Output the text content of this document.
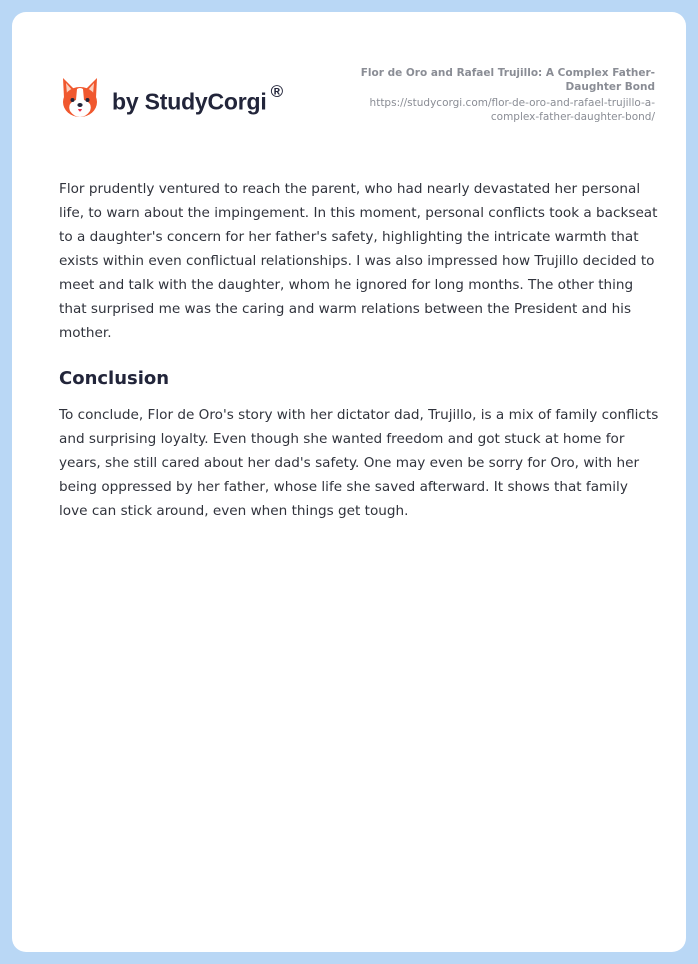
by StudyCorgi ®
Flor de Oro and Rafael Trujillo: A Complex Father-Daughter Bond
https://studycorgi.com/flor-de-oro-and-rafael-trujillo-a-complex-father-daughter-bond/

Flor prudently ventured to reach the parent, who had nearly devastated her personal life, to warn about the impingement. In this moment, personal conflicts took a backseat to a daughter's concern for her father's safety, highlighting the intricate warmth that exists within even conflictual relationships. I was also impressed how Trujillo decided to meet and talk with the daughter, whom he ignored for long months. The other thing that surprised me was the caring and warm relations between the President and his mother.

Conclusion

To conclude, Flor de Oro's story with her dictator dad, Trujillo, is a mix of family conflicts and surprising loyalty. Even though she wanted freedom and got stuck at home for years, she still cared about her dad's safety. One may even be sorry for Oro, with her being oppressed by her father, whose life she saved afterward. It shows that family love can stick around, even when things get tough.
